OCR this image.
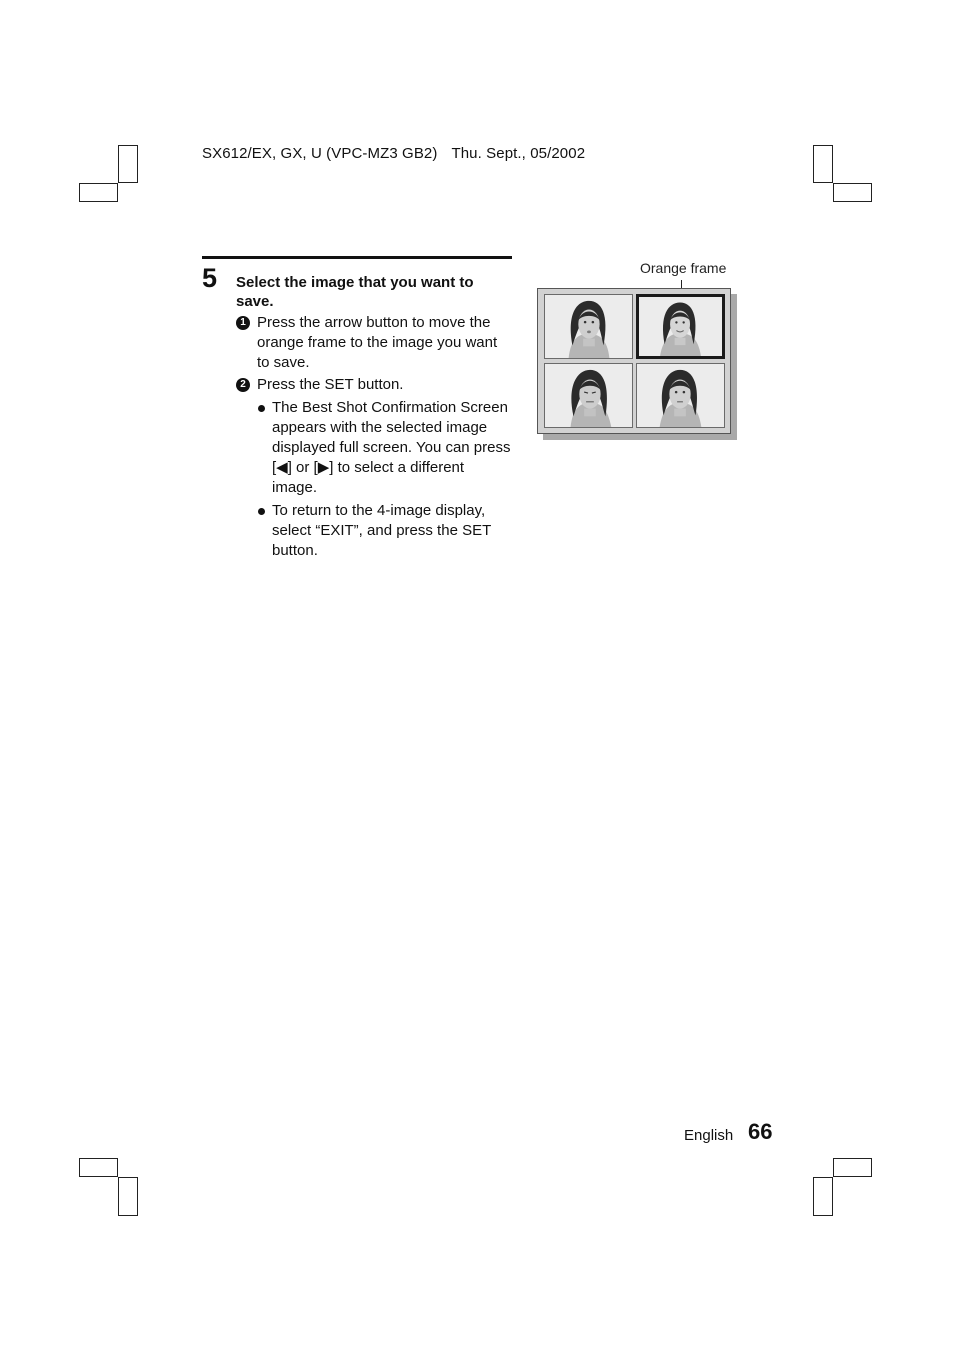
SX612/EX, GX, U (VPC-MZ3 GB2) Thu. Sept., 05/2002
5 Select the image that you want to save.
1 Press the arrow button to move the orange frame to the image you want to save.
2 Press the SET button.
The Best Shot Confirmation Screen appears with the selected image displayed full screen. You can press [◀] or [▶] to select a different image.
To return to the 4-image display, select “EXIT”, and press the SET button.
Orange frame
English 66
